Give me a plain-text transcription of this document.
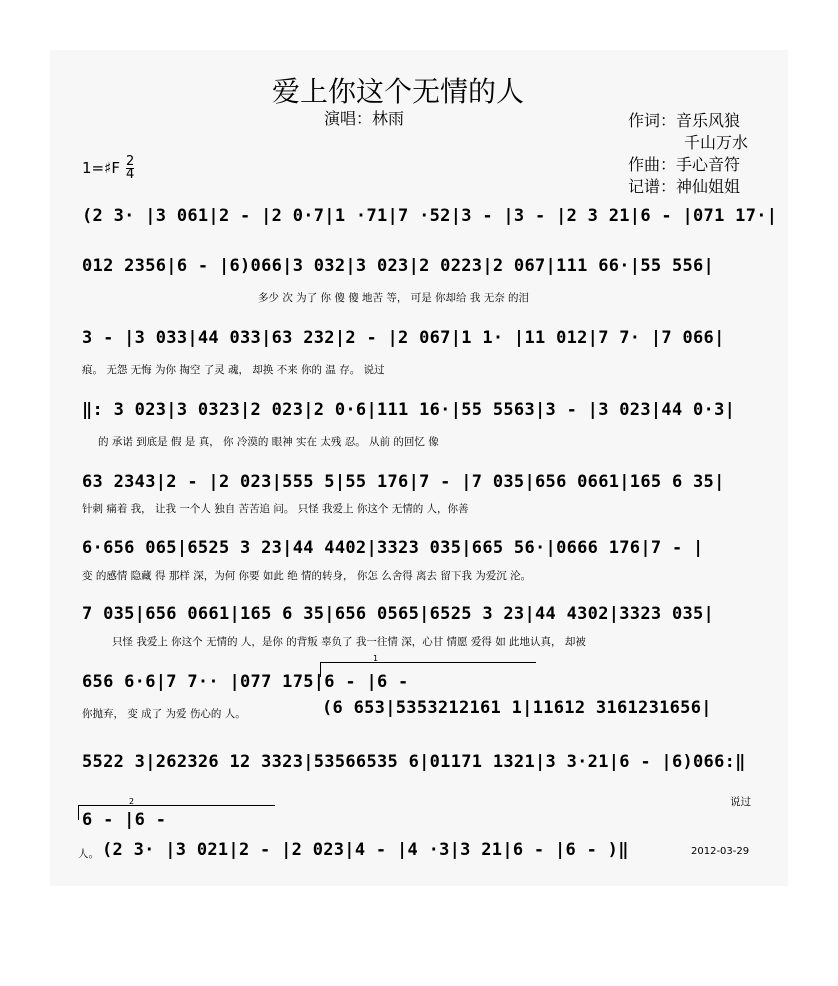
爱上你这个无情的人
演唱：林雨	作词：音乐风狼
千山万水
作曲：手心音符
记谱：神仙姐姐
1=♯F $\frac{2}{4}$
(2 3· |3 061|2 - |2 0·7|1 ·71|7 ·52|3 - |3 - |2 3 21|6 - |071 17·|
012 2356|6 - |6)066|3 032|3 023|2 0223|2 067|111 66·|55 556|
多少 次 为了 你 傻 傻 地苦 等， 可是 你却给 我 无奈 的泪
3 - |3 033|44 033|63 232|2 - |2 067|1 1· |11 012|7 7· |7 066|
痕。 无怨 无悔 为你 掏空 了灵 魂， 却换 不来 你的 温 存。 说过
‖: 3 023|3 0323|2 023|2 0·6|111 16·|55 5563|3 - |3 023|44 0·3|
的 承诺 到底是 假 是 真， 你 冷漠的 眼神 实在 太残 忍。 从前 的回忆 像
63 2343|2 - |2 023|555 5|55 176|7 - |7 035|656 0661|165 6 35|
针刺 痛着 我， 让我 一个人 独自 苦苦追 问。 只怪 我爱上 你这个 无情的 人，你善
6·656 065|6525 3 23|44 4402|3323 035|665 56·|0666 176|7 - |
变 的感情 隐藏 得 那样 深，为何 你要 如此 绝 情的转身， 你怎 么舍得 离去 留下我 为爱沉 沦。
7 035|656 0661|165 6 35|656 0565|6525 3 23|44 4302|3323 035|
只怪 我爱上 你这个 无情的 人，是你 的背叛 辜负了 我一往情 深，心甘 情愿 爱得 如 此地认真， 却被
1
656 6·6|7 7·· |077 175|6 - |6 -
(6 653|5353212161 1|11612 3161231656|
你抛弃， 变 成了 为爱 伤心的 人。
5522 3|262326 12 3323|53566535 6|01171 1321|3 3·21|6 - |6)066:‖
说过
2
6 - |6 -
人。 (2 3· |3 021|2 - |2 023|4 - |4 ·3|3 21|6 - |6 - )‖	2012-03-29
